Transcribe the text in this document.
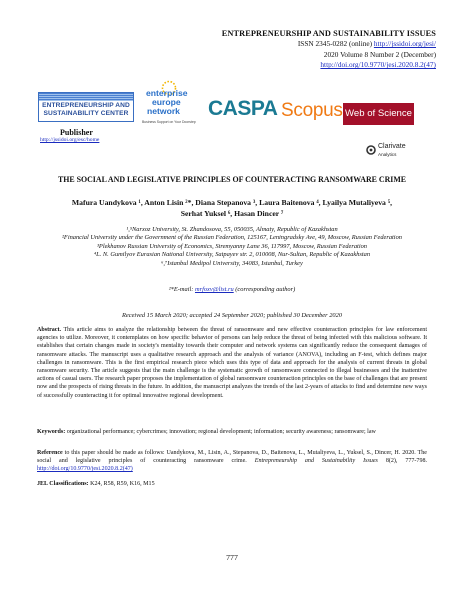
ENTREPRENEURSHIP AND SUSTAINABILITY ISSUES
ISSN 2345-0282 (online) http://jssidoi.org/jesi/
2020 Volume 8 Number 2 (December)
http://doi.org/10.9770/jesi.2020.8.2(47)
ENTREPRENEURSHIP AND SUSTAINABILITY CENTER
Publisher
http://jssidoi.org/esc/home
enterprise
europe
network
Business Support on Your Doorstep
CASPA Scopus Web of Science
Clarivate
Analytics
THE SOCIAL AND LEGISLATIVE PRINCIPLES OF COUNTERACTING RANSOMWARE CRIME
Mafura Uandykova ¹, Anton Lisin ²*, Diana Stepanova ³, Laura Baitenova ⁴, Lyailya Mutaliyeva ⁵,
Serhat Yuksel ⁶, Hasan Dincer ⁷
¹,⁵Narxoz University, St. Zhandosova, 55, 050035, Almaty, Republic of Kazakhstan
²Financial University under the Government of the Russian Federation, 125167, Leningradsky Ave, 49, Moscow, Russian Federation
³Plekhanov Russian University of Economics, Stremyanny Lane 36, 117997, Moscow, Russian Federation
⁴L. N. Gumilyov Eurasian National University, Satpayev str. 2, 010008, Nur-Sultan, Republic of Kazakhstan
⁶,⁷Istanbul Medipol University, 34083, Istanbul, Turkey
²*E-mail: mrfoxv@list.ru (corresponding author)
Received 15 March 2020; accepted 24 September 2020; published 30 December 2020
Abstract. This article aims to analyze the relationship between the threat of ransomware and new effective counteraction principles for law enforcement agencies to utilize. Moreover, it contemplates on how specific behavior of persons can help reduce the threat of being infected with this malicious software. It establishes that certain changes made in society's mentality towards their computer and network systems can significantly reduce the consequent damages of ransomware attacks. The manuscript uses a qualitative research approach and the analysis of variance (ANOVA), including an F-test, which defines major challenges in ransomware. This is the first empirical research piece which uses this type of data and approach for the analysis of current threats in global ransomware security. The article suggests that the main challenge is the systematic growth of ransomware connected to illegal businesses and the inattentive actions of casual users. The research paper proposes the implementation of global ransomware counteraction principles on the base of challenges that are present now and the prospects of rising threats in the future. In addition, the manuscript analyzes the trends of the last 2-years of attacks to find and determine new ways of successfully counteracting it for optimal innovative regional development.
Keywords: organizational performance; cybercrimes; innovation; regional development; information; security awareness; ransomware; law
Reference to this paper should be made as follows: Uandykova, M., Lisin, A., Stepanova, D., Baitenova, L., Mutaliyeva, L., Yuksel, S., Dincer, H. 2020. The social and legislative principles of counteracting ransomware crime. Entrepreneurship and Sustainability Issues 8(2), 777-798. http://doi.org/10.9770/jesi.2020.8.2(47)
JEL Classifications: K24, R58, R59, K16, M15
777
